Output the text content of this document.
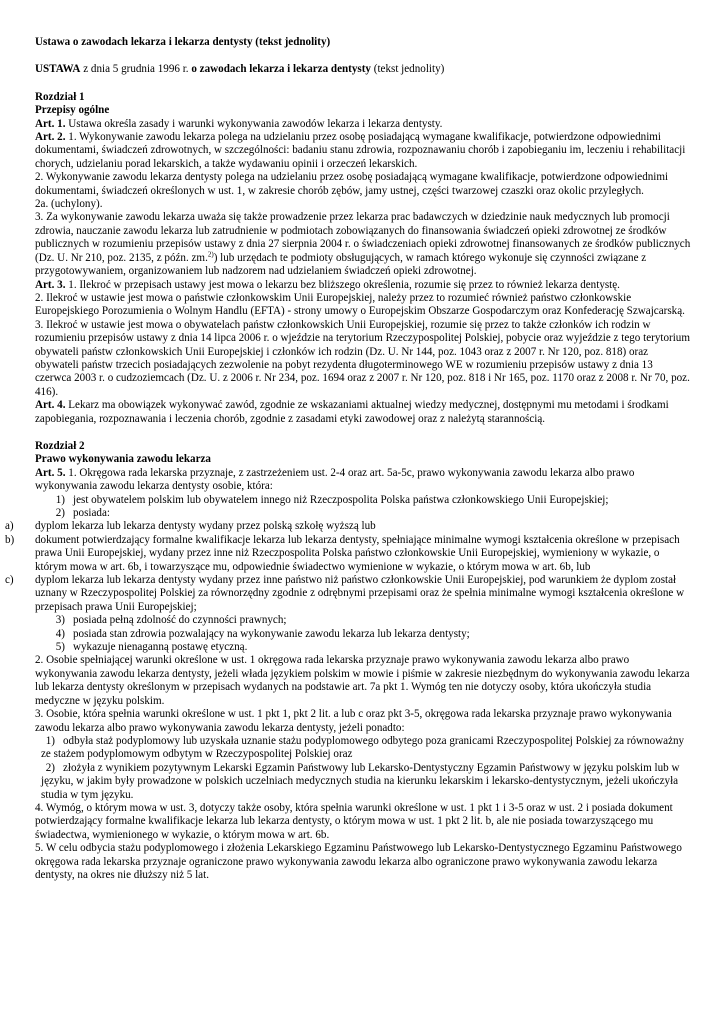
Ustawa o zawodach lekarza i lekarza dentysty (tekst jednolity)

USTAWA z dnia 5 grudnia 1996 r. o zawodach lekarza i lekarza dentysty (tekst jednolity)

Rozdział 1

Przepisy ogólne

Art. 1. Ustawa określa zasady i warunki wykonywania zawodów lekarza i lekarza dentysty.

Art. 2. 1. Wykonywanie zawodu lekarza polega na udzielaniu przez osobę posiadającą wymagane kwalifikacje, potwierdzone odpowiednimi dokumentami, świadczeń zdrowotnych, w szczególności: badaniu stanu zdrowia, rozpoznawaniu chorób i zapobieganiu im, leczeniu i rehabilitacji chorych, udzielaniu porad lekarskich, a także wydawaniu opinii i orzeczeń lekarskich.

2. Wykonywanie zawodu lekarza dentysty polega na udzielaniu przez osobę posiadającą wymagane kwalifikacje, potwierdzone odpowiednimi dokumentami, świadczeń określonych w ust. 1, w zakresie chorób zębów, jamy ustnej, części twarzowej czaszki oraz okolic przyległych.

2a. (uchylony).

3. Za wykonywanie zawodu lekarza uważa się także prowadzenie przez lekarza prac badawczych w dziedzinie nauk medycznych lub promocji zdrowia, nauczanie zawodu lekarza lub zatrudnienie w podmiotach zobowiązanych do finansowania świadczeń opieki zdrowotnej ze środków publicznych w rozumieniu przepisów ustawy z dnia 27 sierpnia 2004 r. o świadczeniach opieki zdrowotnej finansowanych ze środków publicznych (Dz. U. Nr 210, poz. 2135, z późn. zm.$^{2)}$) lub urzędach te podmioty obsługujących, w ramach którego wykonuje się czynności związane z przygotowywaniem, organizowaniem lub nadzorem nad udzielaniem świadczeń opieki zdrowotnej.

Art. 3. 1. Ilekroć w przepisach ustawy jest mowa o lekarzu bez bliższego określenia, rozumie się przez to również lekarza dentystę.

2. Ilekroć w ustawie jest mowa o państwie członkowskim Unii Europejskiej, należy przez to rozumieć również państwo członkowskie Europejskiego Porozumienia o Wolnym Handlu (EFTA) - strony umowy o Europejskim Obszarze Gospodarczym oraz Konfederację Szwajcarską.

3. Ilekroć w ustawie jest mowa o obywatelach państw członkowskich Unii Europejskiej, rozumie się przez to także członków ich rodzin w rozumieniu przepisów ustawy z dnia 14 lipca 2006 r. o wjeździe na terytorium Rzeczypospolitej Polskiej, pobycie oraz wyjeździe z tego terytorium obywateli państw członkowskich Unii Europejskiej i członków ich rodzin (Dz. U. Nr 144, poz. 1043 oraz z 2007 r. Nr 120, poz. 818) oraz obywateli państw trzecich posiadających zezwolenie na pobyt rezydenta długoterminowego WE w rozumieniu przepisów ustawy z dnia 13 czerwca 2003 r. o cudzoziemcach (Dz. U. z 2006 r. Nr 234, poz. 1694 oraz z 2007 r. Nr 120, poz. 818 i Nr 165, poz. 1170 oraz z 2008 r. Nr 70, poz. 416).

Art. 4. Lekarz ma obowiązek wykonywać zawód, zgodnie ze wskazaniami aktualnej wiedzy medycznej, dostępnymi mu metodami i środkami zapobiegania, rozpoznawania i leczenia chorób, zgodnie z zasadami etyki zawodowej oraz z należytą starannością.

Rozdział 2

Prawo wykonywania zawodu lekarza

Art. 5. 1. Okręgowa rada lekarska przyznaje, z zastrzeżeniem ust. 2-4 oraz art. 5a-5c, prawo wykonywania zawodu lekarza albo prawo wykonywania zawodu lekarza dentysty osobie, która:

1) jest obywatelem polskim lub obywatelem innego niż Rzeczpospolita Polska państwa członkowskiego Unii Europejskiej;

2) posiada:

a) dyplom lekarza lub lekarza dentysty wydany przez polską szkołę wyższą lub

b) dokument potwierdzający formalne kwalifikacje lekarza lub lekarza dentysty, spełniające minimalne wymogi kształcenia określone w przepisach prawa Unii Europejskiej, wydany przez inne niż Rzeczpospolita Polska państwo członkowskie Unii Europejskiej, wymieniony w wykazie, o którym mowa w art. 6b, i towarzyszące mu, odpowiednie świadectwo wymienione w wykazie, o którym mowa w art. 6b, lub

c) dyplom lekarza lub lekarza dentysty wydany przez inne państwo niż państwo członkowskie Unii Europejskiej, pod warunkiem że dyplom został uznany w Rzeczypospolitej Polskiej za równorzędny zgodnie z odrębnymi przepisami oraz że spełnia minimalne wymogi kształcenia określone w przepisach prawa Unii Europejskiej;

3) posiada pełną zdolność do czynności prawnych;

4) posiada stan zdrowia pozwalający na wykonywanie zawodu lekarza lub lekarza dentysty;

5) wykazuje nienaganną postawę etyczną.

2. Osobie spełniającej warunki określone w ust. 1 okręgowa rada lekarska przyznaje prawo wykonywania zawodu lekarza albo prawo wykonywania zawodu lekarza dentysty, jeżeli włada językiem polskim w mowie i piśmie w zakresie niezbędnym do wykonywania zawodu lekarza lub lekarza dentysty określonym w przepisach wydanych na podstawie art. 7a pkt 1. Wymóg ten nie dotyczy osoby, która ukończyła studia medyczne w języku polskim.

3. Osobie, która spełnia warunki określone w ust. 1 pkt 1, pkt 2 lit. a lub c oraz pkt 3-5, okręgowa rada lekarska przyznaje prawo wykonywania zawodu lekarza albo prawo wykonywania zawodu lekarza dentysty, jeżeli ponadto:

1) odbyła staż podyplomowy lub uzyskała uznanie stażu podyplomowego odbytego poza granicami Rzeczypospolitej Polskiej za równoważny ze stażem podyplomowym odbytym w Rzeczypospolitej Polskiej oraz

2) złożyła z wynikiem pozytywnym Lekarski Egzamin Państwowy lub Lekarsko-Dentystyczny Egzamin Państwowy w języku polskim lub w języku, w jakim były prowadzone w polskich uczelniach medycznych studia na kierunku lekarskim i lekarsko-dentystycznym, jeżeli ukończyła studia w tym języku.

4. Wymóg, o którym mowa w ust. 3, dotyczy także osoby, która spełnia warunki określone w ust. 1 pkt 1 i 3-5 oraz w ust. 2 i posiada dokument potwierdzający formalne kwalifikacje lekarza lub lekarza dentysty, o którym mowa w ust. 1 pkt 2 lit. b, ale nie posiada towarzyszącego mu świadectwa, wymienionego w wykazie, o którym mowa w art. 6b.

5. W celu odbycia stażu podyplomowego i złożenia Lekarskiego Egzaminu Państwowego lub Lekarsko-Dentystycznego Egzaminu Państwowego okręgowa rada lekarska przyznaje ograniczone prawo wykonywania zawodu lekarza albo ograniczone prawo wykonywania zawodu lekarza dentysty, na okres nie dłuższy niż 5 lat.
